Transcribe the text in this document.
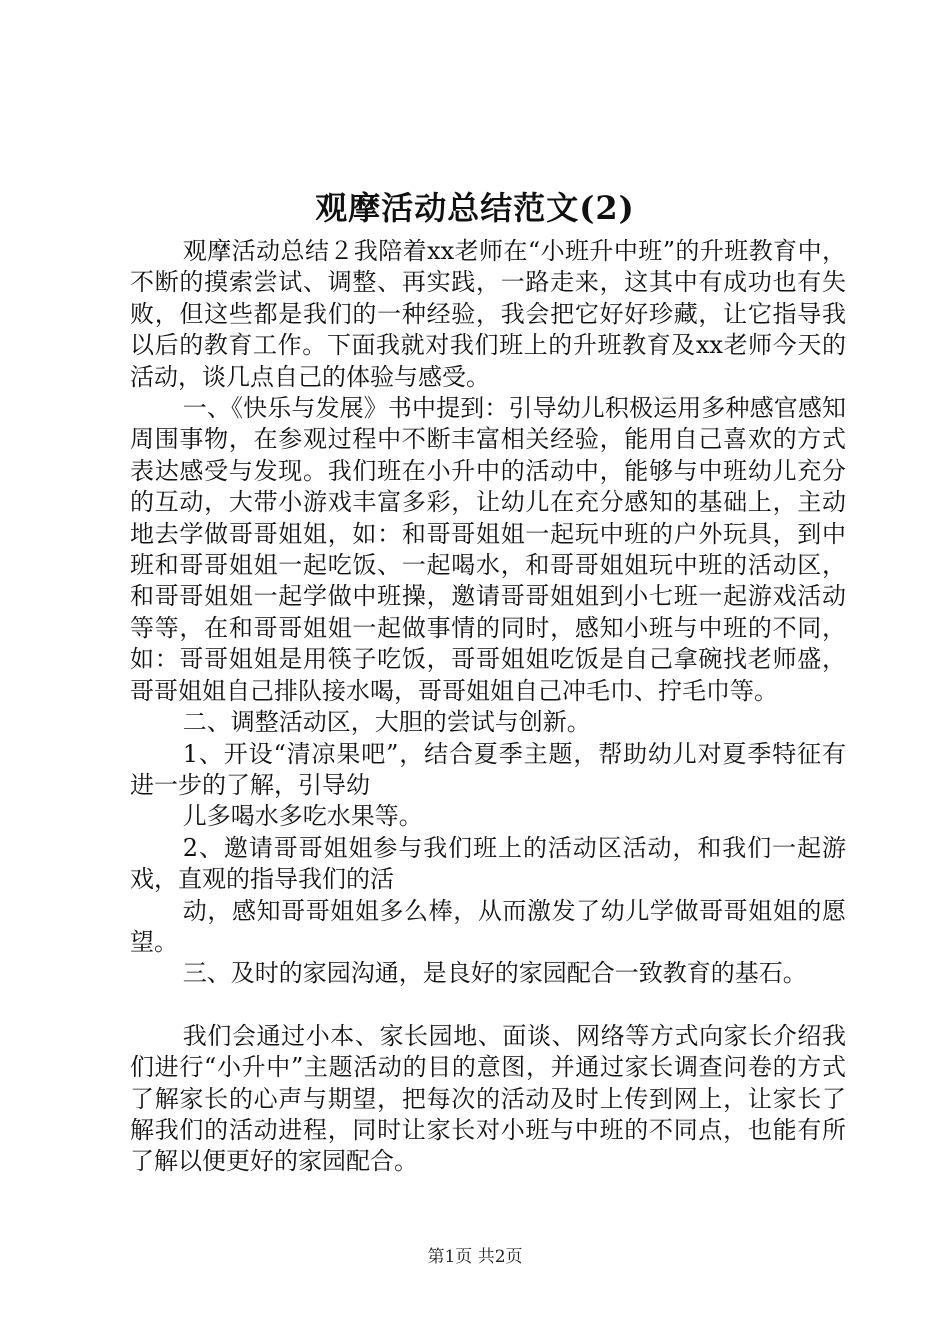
观摩活动总结范文(2)

观摩活动总结２我陪着xx老师在“小班升中班”的升班教育中，不断的摸索尝试、调整、再实践，一路走来，这其中有成功也有失败，但这些都是我们的一种经验，我会把它好好珍藏，让它指导我以后的教育工作。下面我就对我们班上的升班教育及xx老师今天的活动，谈几点自己的体验与感受。

一、《快乐与发展》书中提到：引导幼儿积极运用多种感官感知周围事物，在参观过程中不断丰富相关经验，能用自己喜欢的方式表达感受与发现。我们班在小升中的活动中，能够与中班幼儿充分的互动，大带小游戏丰富多彩，让幼儿在充分感知的基础上，主动地去学做哥哥姐姐，如：和哥哥姐姐一起玩中班的户外玩具，到中班和哥哥姐姐一起吃饭、一起喝水，和哥哥姐姐玩中班的活动区，和哥哥姐姐一起学做中班操，邀请哥哥姐姐到小七班一起游戏活动等等，在和哥哥姐姐一起做事情的同时，感知小班与中班的不同，如：哥哥姐姐是用筷子吃饭，哥哥姐姐吃饭是自己拿碗找老师盛，哥哥姐姐自己排队接水喝，哥哥姐姐自己冲毛巾、拧毛巾等。

二、调整活动区，大胆的尝试与创新。

1、开设“清凉果吧”，结合夏季主题，帮助幼儿对夏季特征有进一步的了解，引导幼

儿多喝水多吃水果等。

2、邀请哥哥姐姐参与我们班上的活动区活动，和我们一起游戏，直观的指导我们的活

动，感知哥哥姐姐多么棒，从而激发了幼儿学做哥哥姐姐的愿望。

三、及时的家园沟通，是良好的家园配合一致教育的基石。

我们会通过小本、家长园地、面谈、网络等方式向家长介绍我们进行“小升中”主题活动的目的意图，并通过家长调查问卷的方式了解家长的心声与期望，把每次的活动及时上传到网上，让家长了解我们的活动进程，同时让家长对小班与中班的不同点，也能有所了解以便更好的家园配合。

第1页 共2页
